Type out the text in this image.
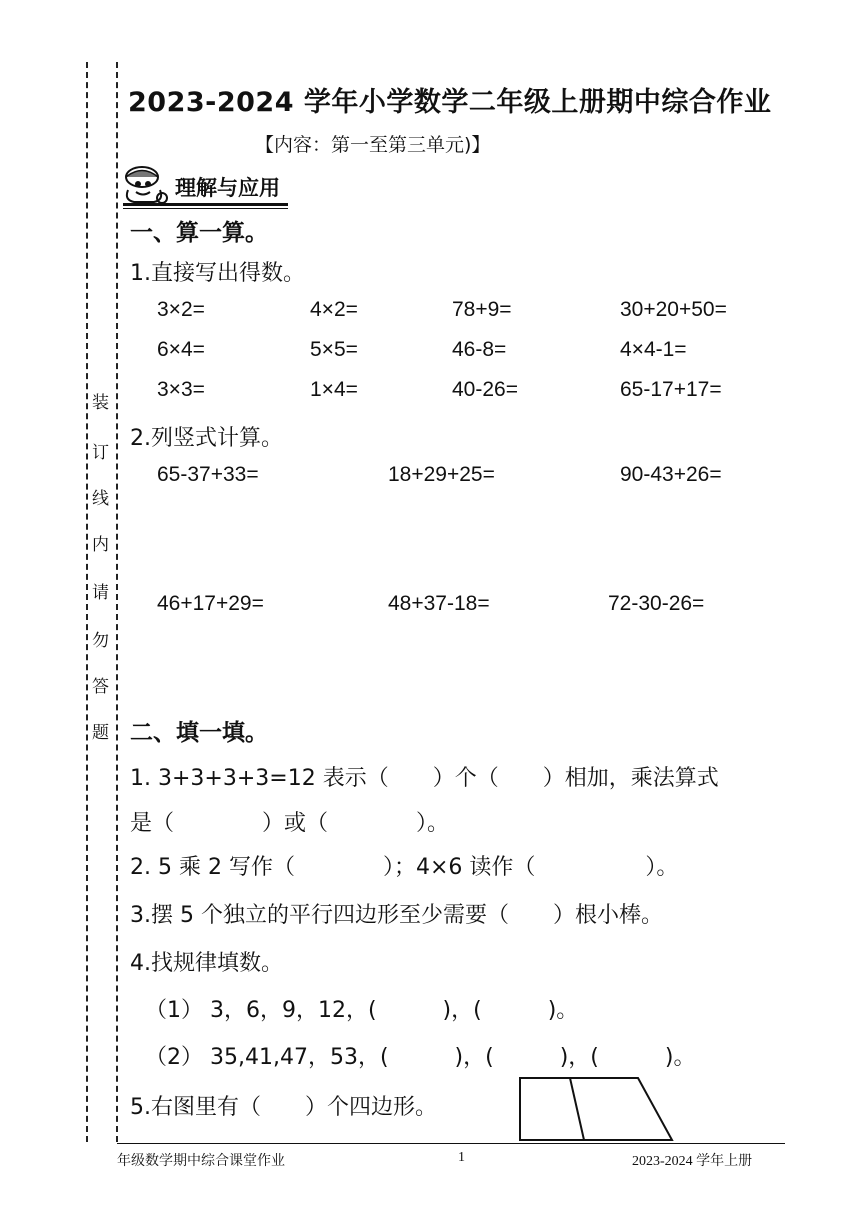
装
订
线
内
请
勿
答
题
2023-2024 学年小学数学二年级上册期中综合作业
【内容：第一至第三单元)】
理解与应用
一、算一算。
1.直接写出得数。
3×2=	4×2=	78+9=	30+20+50=
6×4=	5×5=	46-8=	4×4-1=
3×3=	1×4=	40-26=	65-17+17=
2.列竖式计算。
65-37+33=	18+29+25=	90-43+26=
46+17+29=	48+37-18=	72-30-26=
二、填一填。
1. 3+3+3+3=12 表示（　　）个（　　）相加，乘法算式
是（　　　　）或（　　　　）。
2. 5 乘 2 写作（　　　　）；4×6 读作（　　　　　）。
3.摆 5 个独立的平行四边形至少需要（　　）根小棒。
4.找规律填数。
（1） 3，6，9，12，(　　　)，(　　　)。
（2） 35,41,47，53，(　　　)，(　　　)，(　　　)。
5.右图里有（　　）个四边形。
年级数学期中综合课堂作业	1	2023-2024 学年上册
